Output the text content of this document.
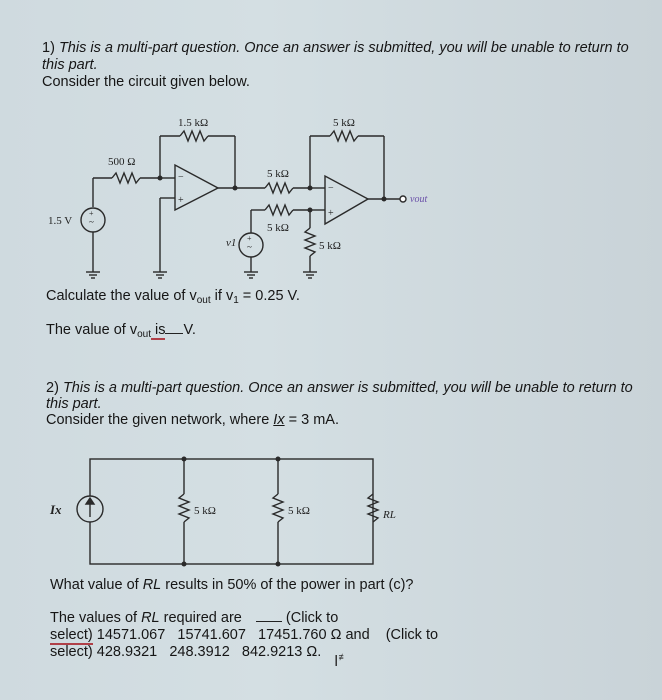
1) This is a multi-part question. Once an answer is submitted, you will be unable to return to
this part.
Consider the circuit given below.
−
+
−
+
+
~
+
~
1.5 kΩ
500 Ω
1.5 V
5 kΩ
5 kΩ
5 kΩ
5 kΩ
v1
vout
Ix	5 kΩ	5 kΩ	RL
Calculate the value of $v_{out}$ if $v_1 = 0.25$ V.
The value of $v_{out}$ is V.
2) This is a multi-part question. Once an answer is submitted, you will be unable to return to
this part.
Consider the given network, where Ix = 3 mA.
What value of RL results in 50% of the power in part (c)?
The values of RL required are	(Click to
select) 14571.067   15741.607   17451.760 Ω and (Click to
select) 428.9321   248.3912   842.9213 Ω.
I≢
